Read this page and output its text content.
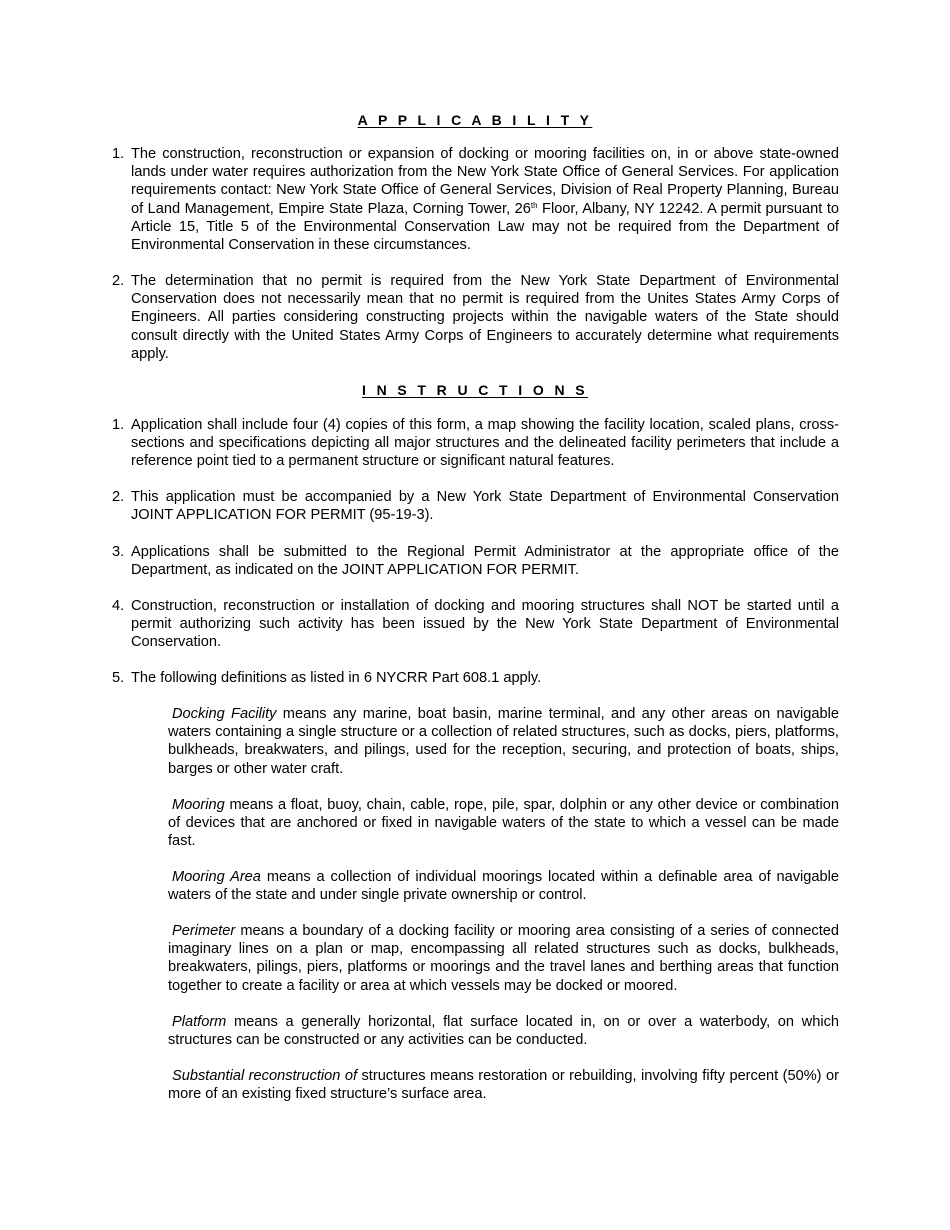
A P P L I C A B I L I T Y
1. The construction, reconstruction or expansion of docking or mooring facilities on, in or above state-owned lands under water requires authorization from the New York State Office of General Services. For application requirements contact: New York State Office of General Services, Division of Real Property Planning, Bureau of Land Management, Empire State Plaza, Corning Tower, 26th Floor, Albany, NY 12242. A permit pursuant to Article 15, Title 5 of the Environmental Conservation Law may not be required from the Department of Environmental Conservation in these circumstances.
2. The determination that no permit is required from the New York State Department of Environmental Conservation does not necessarily mean that no permit is required from the Unites States Army Corps of Engineers. All parties considering constructing projects within the navigable waters of the State should consult directly with the United States Army Corps of Engineers to accurately determine what requirements apply.
I N S T R U C T I O N S
1. Application shall include four (4) copies of this form, a map showing the facility location, scaled plans, cross-sections and specifications depicting all major structures and the delineated facility perimeters that include a reference point tied to a permanent structure or significant natural features.
2. This application must be accompanied by a New York State Department of Environmental Conservation JOINT APPLICATION FOR PERMIT (95-19-3).
3. Applications shall be submitted to the Regional Permit Administrator at the appropriate office of the Department, as indicated on the JOINT APPLICATION FOR PERMIT.
4. Construction, reconstruction or installation of docking and mooring structures shall NOT be started until a permit authorizing such activity has been issued by the New York State Department of Environmental Conservation.
5. The following definitions as listed in 6 NYCRR Part 608.1 apply.
Docking Facility means any marine, boat basin, marine terminal, and any other areas on navigable waters containing a single structure or a collection of related structures, such as docks, piers, platforms, bulkheads, breakwaters, and pilings, used for the reception, securing, and protection of boats, ships, barges or other water craft.
Mooring means a float, buoy, chain, cable, rope, pile, spar, dolphin or any other device or combination of devices that are anchored or fixed in navigable waters of the state to which a vessel can be made fast.
Mooring Area means a collection of individual moorings located within a definable area of navigable waters of the state and under single private ownership or control.
Perimeter means a boundary of a docking facility or mooring area consisting of a series of connected imaginary lines on a plan or map, encompassing all related structures such as docks, bulkheads, breakwaters, pilings, piers, platforms or moorings and the travel lanes and berthing areas that function together to create a facility or area at which vessels may be docked or moored.
Platform means a generally horizontal, flat surface located in, on or over a waterbody, on which structures can be constructed or any activities can be conducted.
Substantial reconstruction of structures means restoration or rebuilding, involving fifty percent (50%) or more of an existing fixed structure’s surface area.
